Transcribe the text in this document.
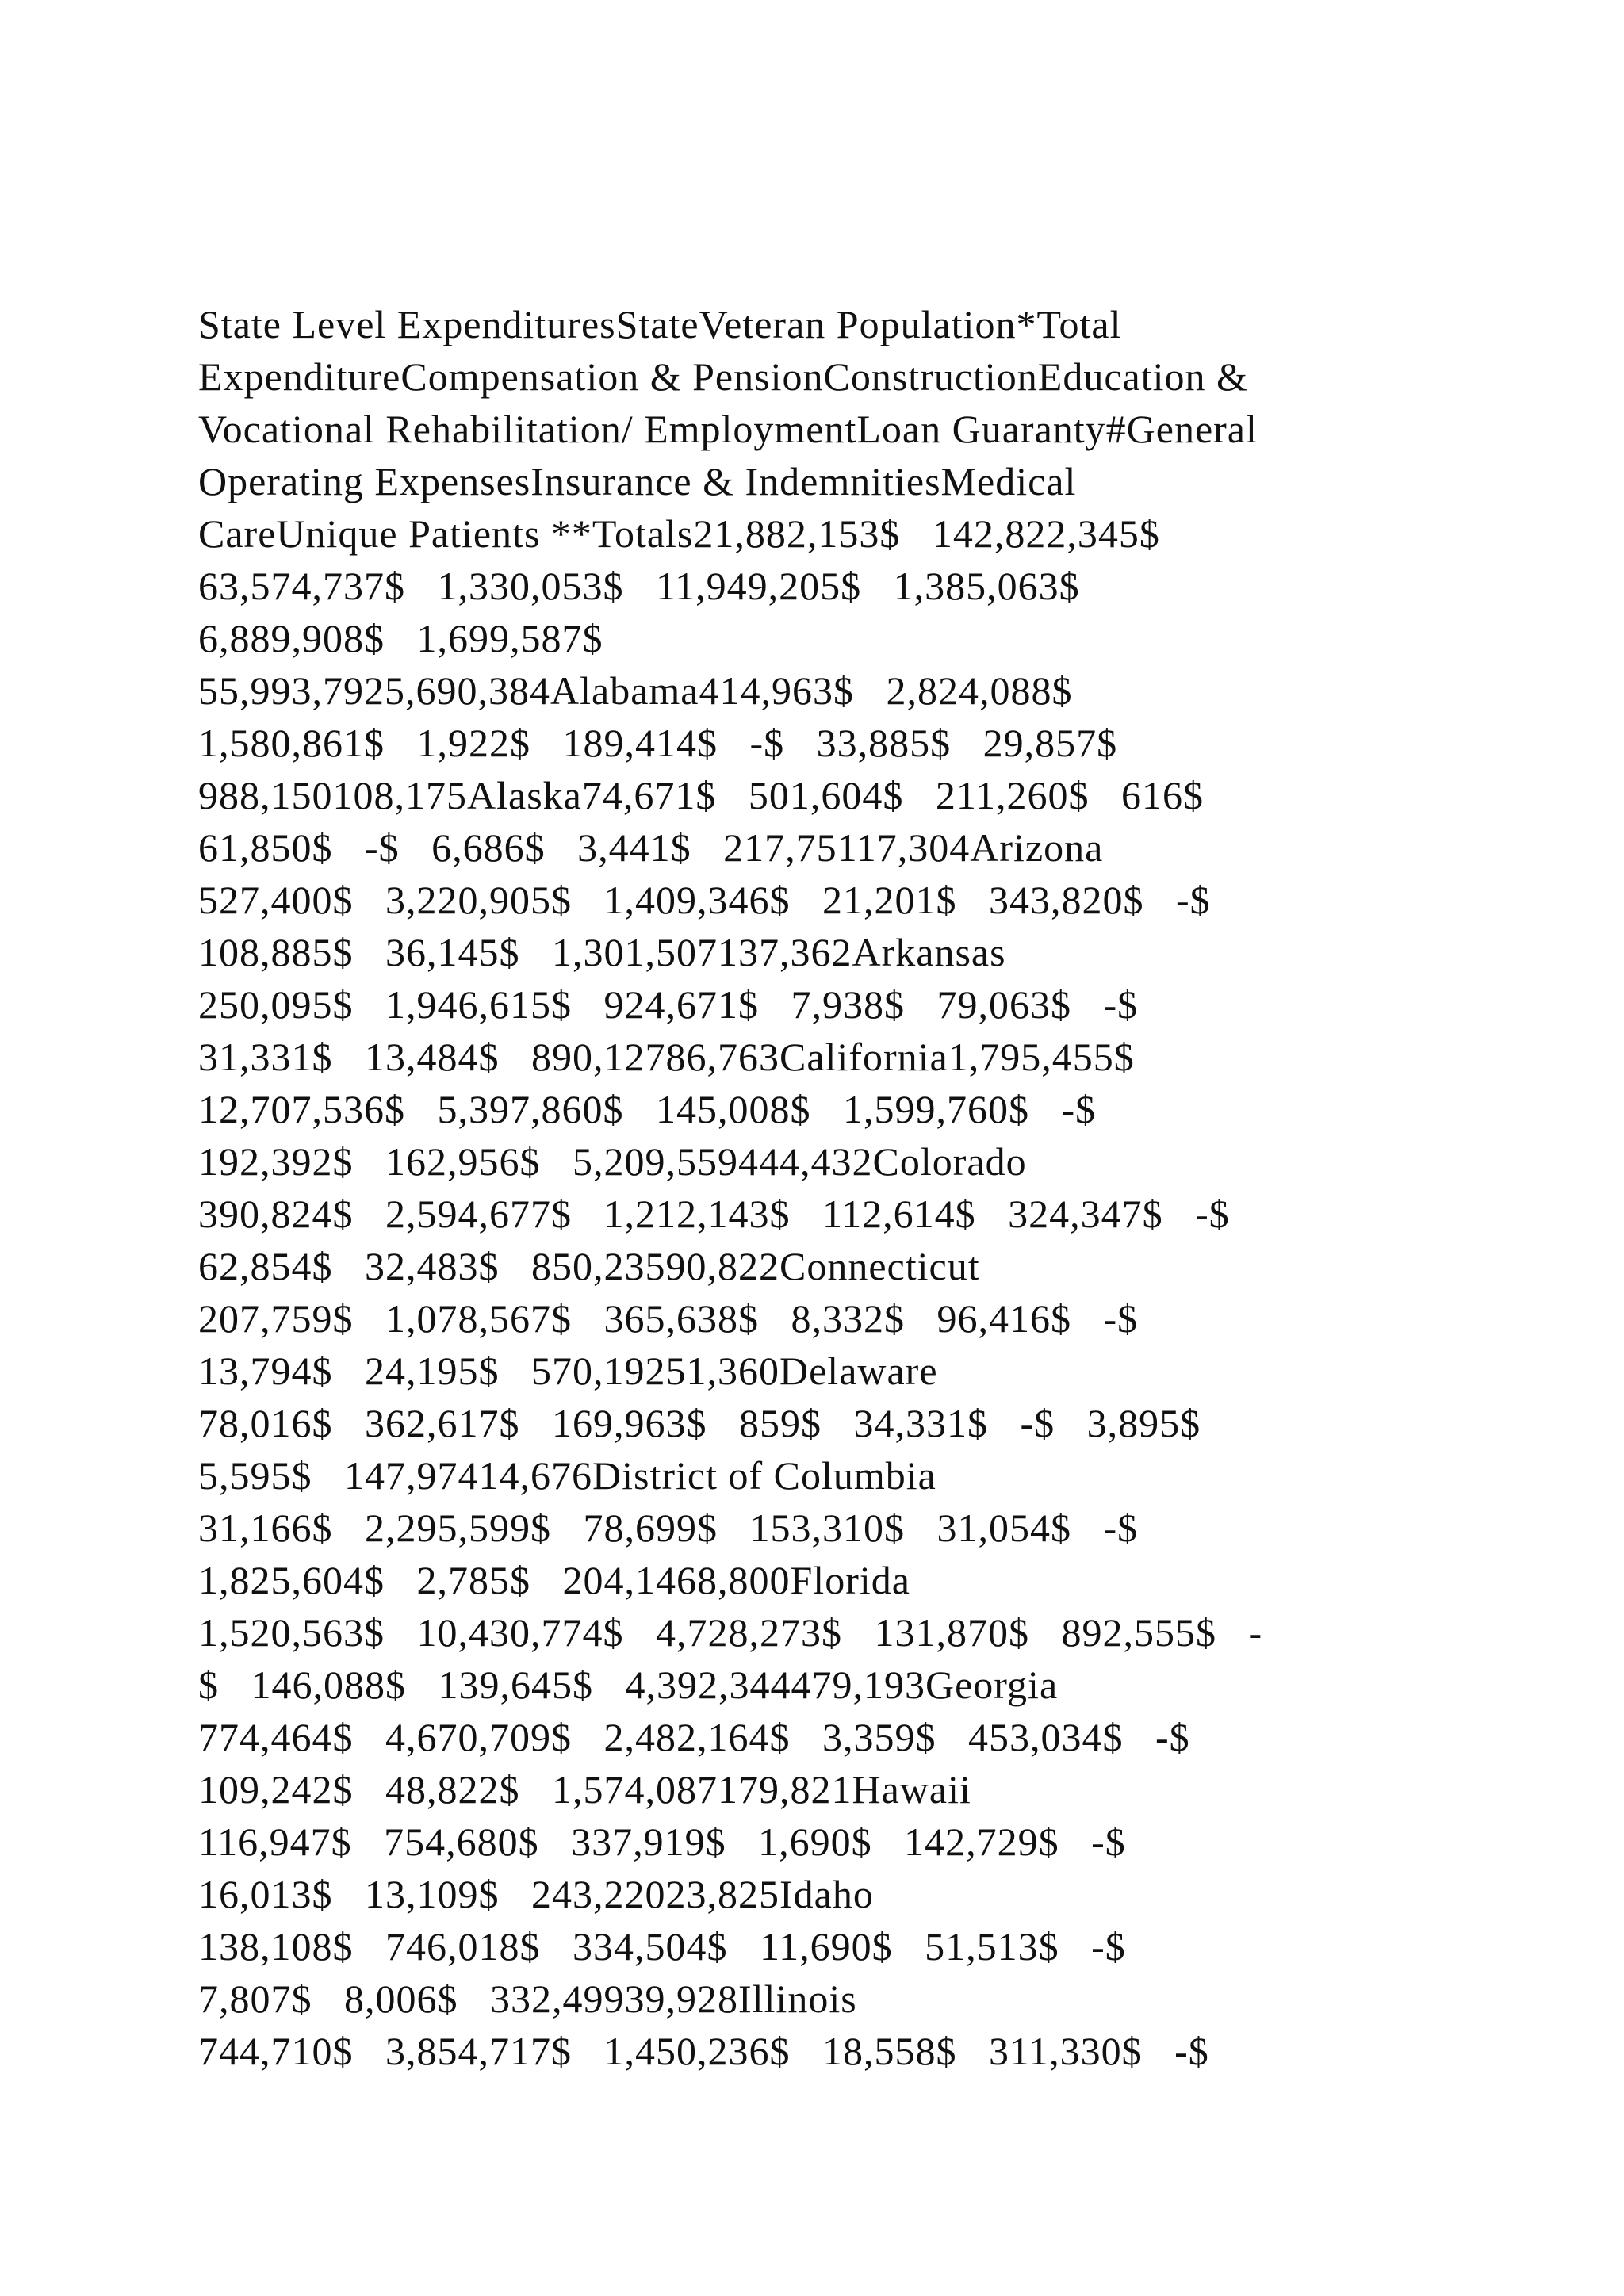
State Level ExpendituresStateVeteran Population*Total
ExpenditureCompensation & PensionConstructionEducation &
Vocational Rehabilitation/ EmploymentLoan Guaranty#General
Operating ExpensesInsurance & IndemnitiesMedical
CareUnique Patients **Totals21,882,153$   142,822,345$
63,574,737$   1,330,053$   11,949,205$   1,385,063$
6,889,908$   1,699,587$
55,993,7925,690,384Alabama414,963$   2,824,088$
1,580,861$   1,922$   189,414$   -$   33,885$   29,857$
988,150108,175Alaska74,671$   501,604$   211,260$   616$
61,850$   -$   6,686$   3,441$   217,75117,304Arizona
527,400$   3,220,905$   1,409,346$   21,201$   343,820$   -$
108,885$   36,145$   1,301,507137,362Arkansas
250,095$   1,946,615$   924,671$   7,938$   79,063$   -$
31,331$   13,484$   890,12786,763California1,795,455$
12,707,536$   5,397,860$   145,008$   1,599,760$   -$
192,392$   162,956$   5,209,559444,432Colorado
390,824$   2,594,677$   1,212,143$   112,614$   324,347$   -$
62,854$   32,483$   850,23590,822Connecticut
207,759$   1,078,567$   365,638$   8,332$   96,416$   -$
13,794$   24,195$   570,19251,360Delaware
78,016$   362,617$   169,963$   859$   34,331$   -$   3,895$
5,595$   147,97414,676District of Columbia
31,166$   2,295,599$   78,699$   153,310$   31,054$   -$
1,825,604$   2,785$   204,1468,800Florida
1,520,563$   10,430,774$   4,728,273$   131,870$   892,555$   -
$   146,088$   139,645$   4,392,344479,193Georgia
774,464$   4,670,709$   2,482,164$   3,359$   453,034$   -$
109,242$   48,822$   1,574,087179,821Hawaii
116,947$   754,680$   337,919$   1,690$   142,729$   -$
16,013$   13,109$   243,22023,825Idaho
138,108$   746,018$   334,504$   11,690$   51,513$   -$
7,807$   8,006$   332,49939,928Illinois
744,710$   3,854,717$   1,450,236$   18,558$   311,330$   -$
